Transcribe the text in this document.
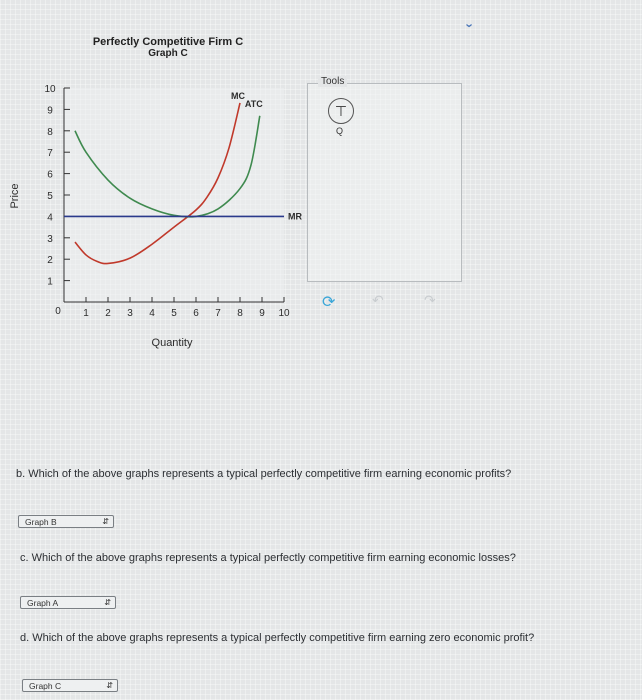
Perfectly Competitive Firm C
Graph C
Price
Quantity
0
1
2
3
4
5
6
7
8
9
10
1 2 3 4 5 6 7 8 9 10
MC
ATC
MR
›
Tools
⊤
Q
⟳	↶	↷
b. Which of the above graphs represents a typical perfectly competitive firm earning economic profits?
Graph B	⇵
c. Which of the above graphs represents a typical perfectly competitive firm earning economic losses?
Graph A	⇵
d. Which of the above graphs represents a typical perfectly competitive firm earning zero economic profit?
Graph C	⇵
